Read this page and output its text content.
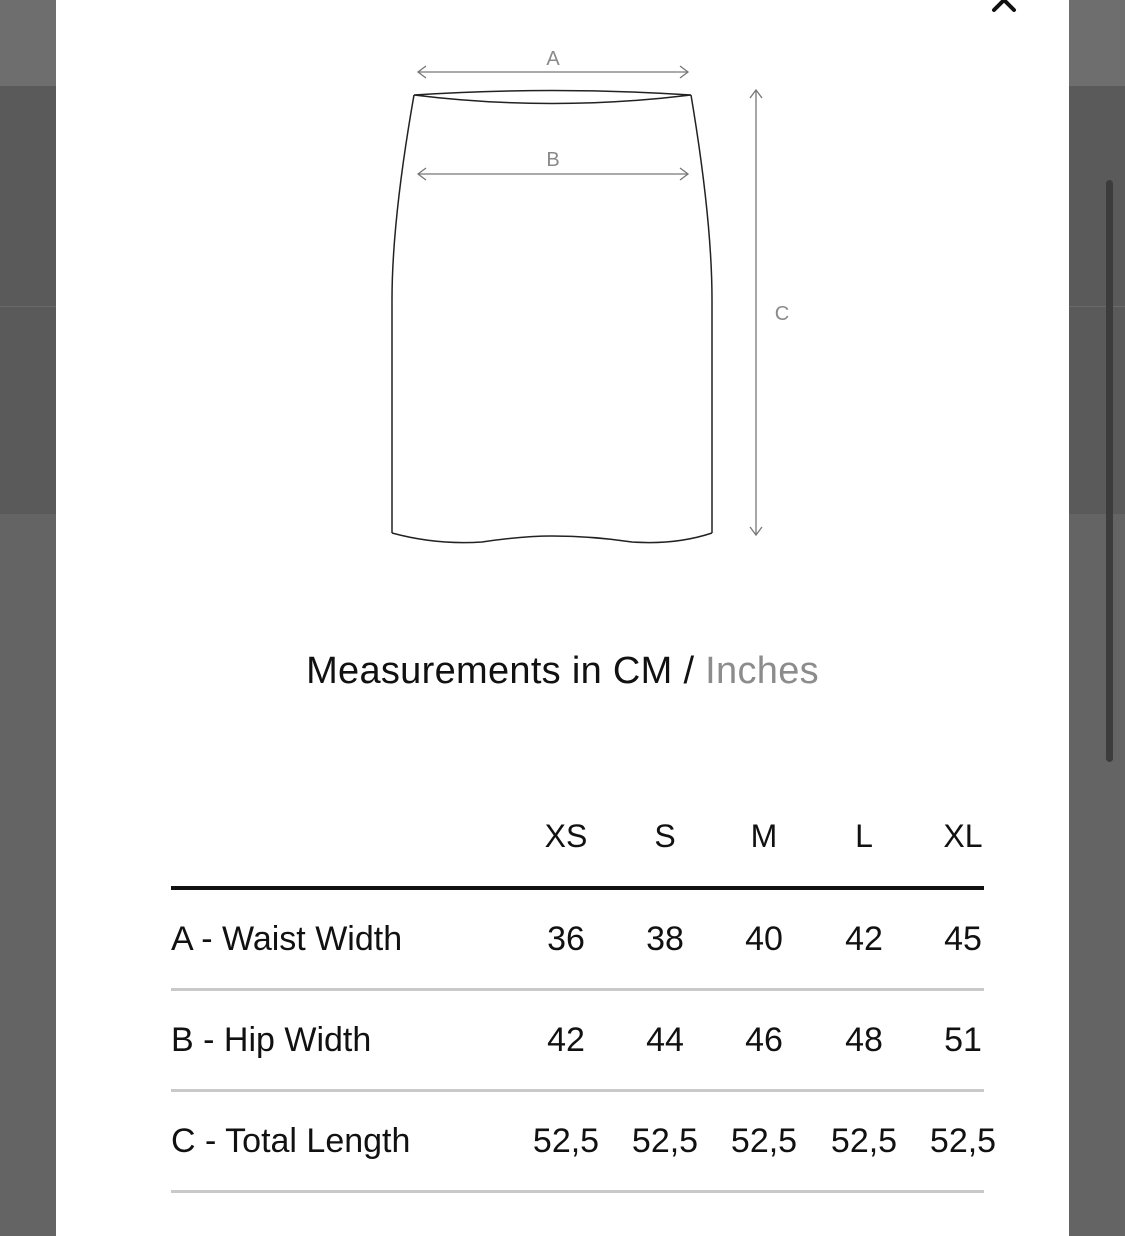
A
B
C
Measurements in CM / Inches
XS	S	M	L	XL
A - Waist Width	36	38	40	42	45
B - Hip Width	42	44	46	48	51
C - Total Length	52,5 52,5 52,5 52,5 52,5
